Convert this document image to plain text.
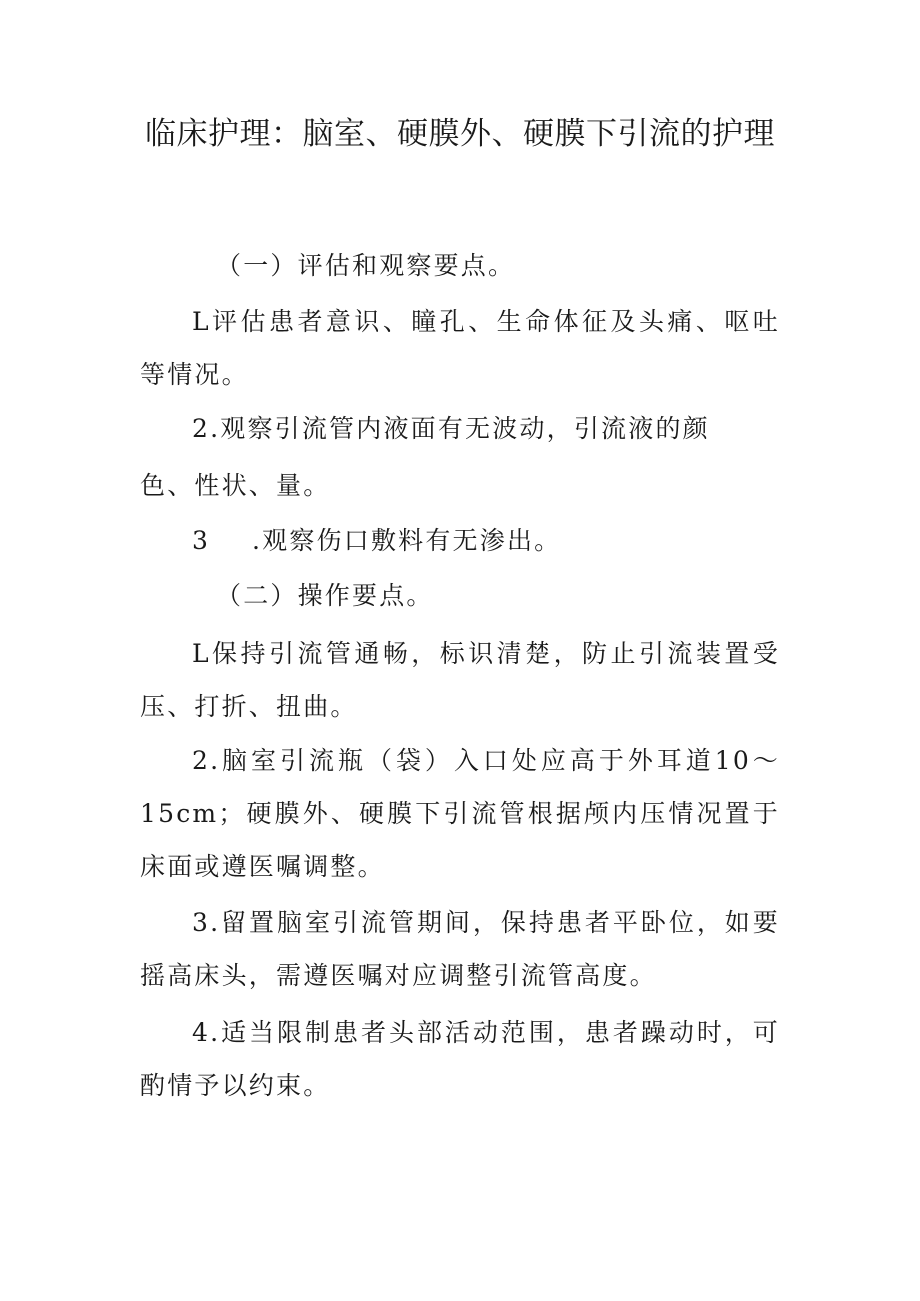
临床护理：脑室、硬膜外、硬膜下引流的护理

（一）评估和观察要点。

L评估患者意识、瞳孔、生命体征及头痛、呕吐等情况。

2.观察引流管内液面有无波动，引流液的颜

色、性状、量。

3 .观察伤口敷料有无渗出。

（二）操作要点。

L保持引流管通畅，标识清楚，防止引流装置受压、打折、扭曲。

2.脑室引流瓶（袋）入口处应高于外耳道10～15cm；硬膜外、硬膜下引流管根据颅内压情况置于床面或遵医嘱调整。

3.留置脑室引流管期间，保持患者平卧位，如要摇高床头，需遵医嘱对应调整引流管高度。

4.适当限制患者头部活动范围，患者躁动时，可酌情予以约束。
